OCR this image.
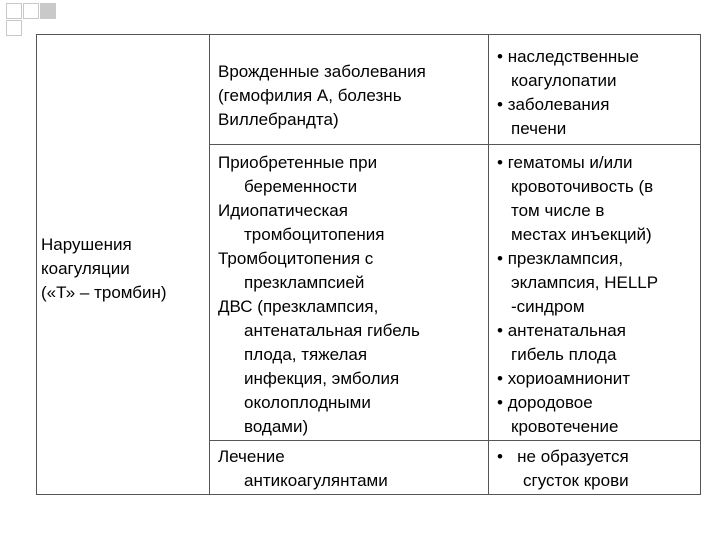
Нарушения
коагуляции
(«Т» – тромбин)
Врожденные заболевания
(гемофилия А, болезнь
Виллебрандта)
• наследственные
коагулопатии
• заболевания
печени
Приобретенные при
беременности
Идиопатическая
тромбоцитопения
Тромбоцитопения с
презклампсией
ДВС (презклампсия,
антенатальная гибель
плода, тяжелая
инфекция, эмболия
околоплодными
водами)
• гематомы и/или
кровоточивость (в
том числе в
местах инъекций)
• презклампсия,
эклампсия, HELLP
-синдром
• антенатальная
гибель плода
• хориоамнионит
• дородовое
кровотечение
Лечение
антикоагулянтами
•   не образуется
сгусток крови
